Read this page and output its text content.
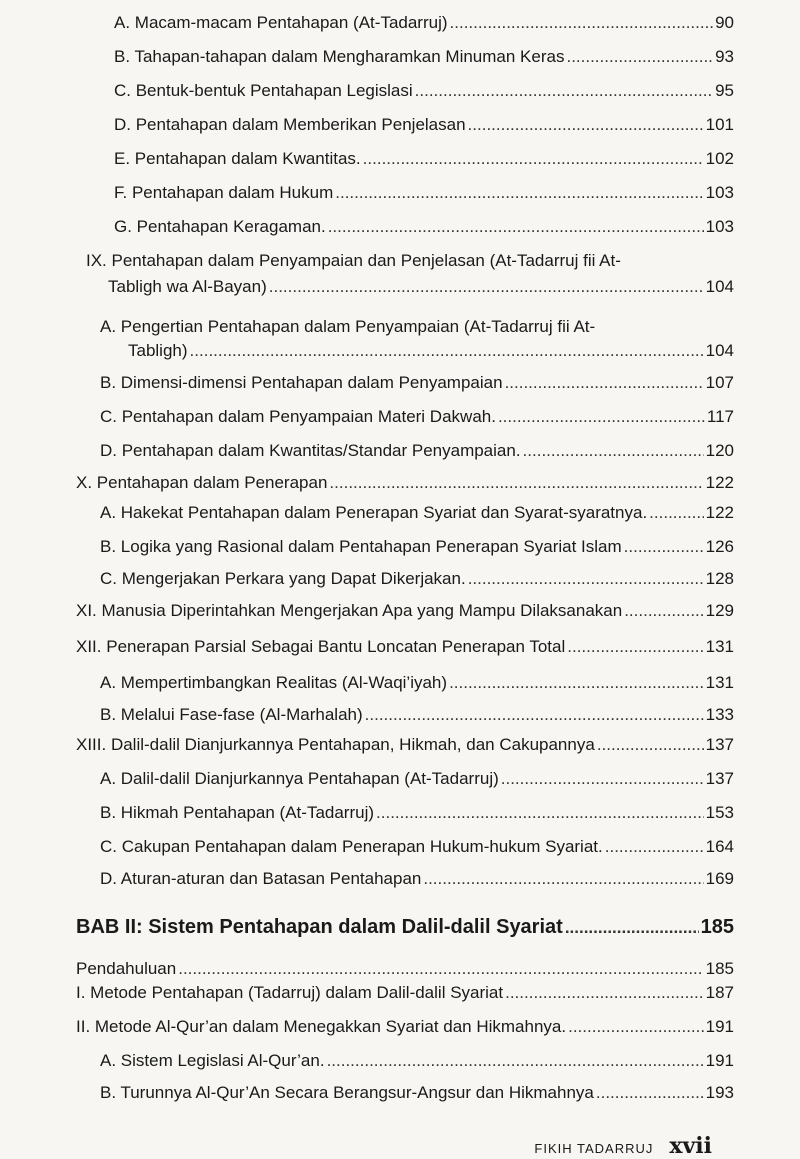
A. Macam-macam Pentahapan (At-Tadarruj) .....	90
B. Tahapan-tahapan dalam Mengharamkan Minuman Keras .....	93
C. Bentuk-bentuk Pentahapan Legislasi .....	95
D. Pentahapan dalam Memberikan Penjelasan .....	101
E. Pentahapan dalam Kwantitas. .....	102
F. Pentahapan dalam Hukum .....	103
G. Pentahapan Keragaman. .....	103
IX. Pentahapan dalam Penyampaian dan Penjelasan (At-Tadarruj fii At-
Tabligh wa Al-Bayan) .....	104
A. Pengertian Pentahapan dalam Penyampaian (At-Tadarruj fii At-
Tabligh) .....	104
B. Dimensi-dimensi Pentahapan dalam Penyampaian .....	107
C. Pentahapan dalam Penyampaian Materi Dakwah. .....	117
D. Pentahapan dalam Kwantitas/Standar Penyampaian. .....	120
X. Pentahapan dalam Penerapan .....	122
A. Hakekat Pentahapan dalam Penerapan Syariat dan Syarat-syaratnya. .....	122
B. Logika yang Rasional dalam Pentahapan Penerapan Syariat Islam .....	126
C. Mengerjakan Perkara yang Dapat Dikerjakan. .....	128
XI. Manusia Diperintahkan Mengerjakan Apa yang Mampu Dilaksanakan .....	129
XII. Penerapan Parsial Sebagai Bantu Loncatan Penerapan Total .....	131
A. Mempertimbangkan Realitas (Al-Waqi’iyah) .....	131
B. Melalui Fase-fase (Al-Marhalah) .....	133
XIII. Dalil-dalil Dianjurkannya Pentahapan, Hikmah, dan Cakupannya .....	137
A. Dalil-dalil Dianjurkannya Pentahapan (At-Tadarruj) .....	137
B. Hikmah Pentahapan (At-Tadarruj) .....	153
C. Cakupan Pentahapan dalam Penerapan Hukum-hukum Syariat. .....	164
D. Aturan-aturan dan Batasan Pentahapan .....	169
BAB II: Sistem Pentahapan dalam Dalil-dalil Syariat .....	185
Pendahuluan .....	185
I. Metode Pentahapan (Tadarruj) dalam Dalil-dalil Syariat .....	187
II. Metode Al-Qur’an dalam Menegakkan Syariat dan Hikmahnya. .....	191
A. Sistem Legislasi Al-Qur’an. .....	191
B. Turunnya Al-Qur’An Secara Berangsur-Angsur dan Hikmahnya .....	193
FIKIH TADARRUJ xvii
